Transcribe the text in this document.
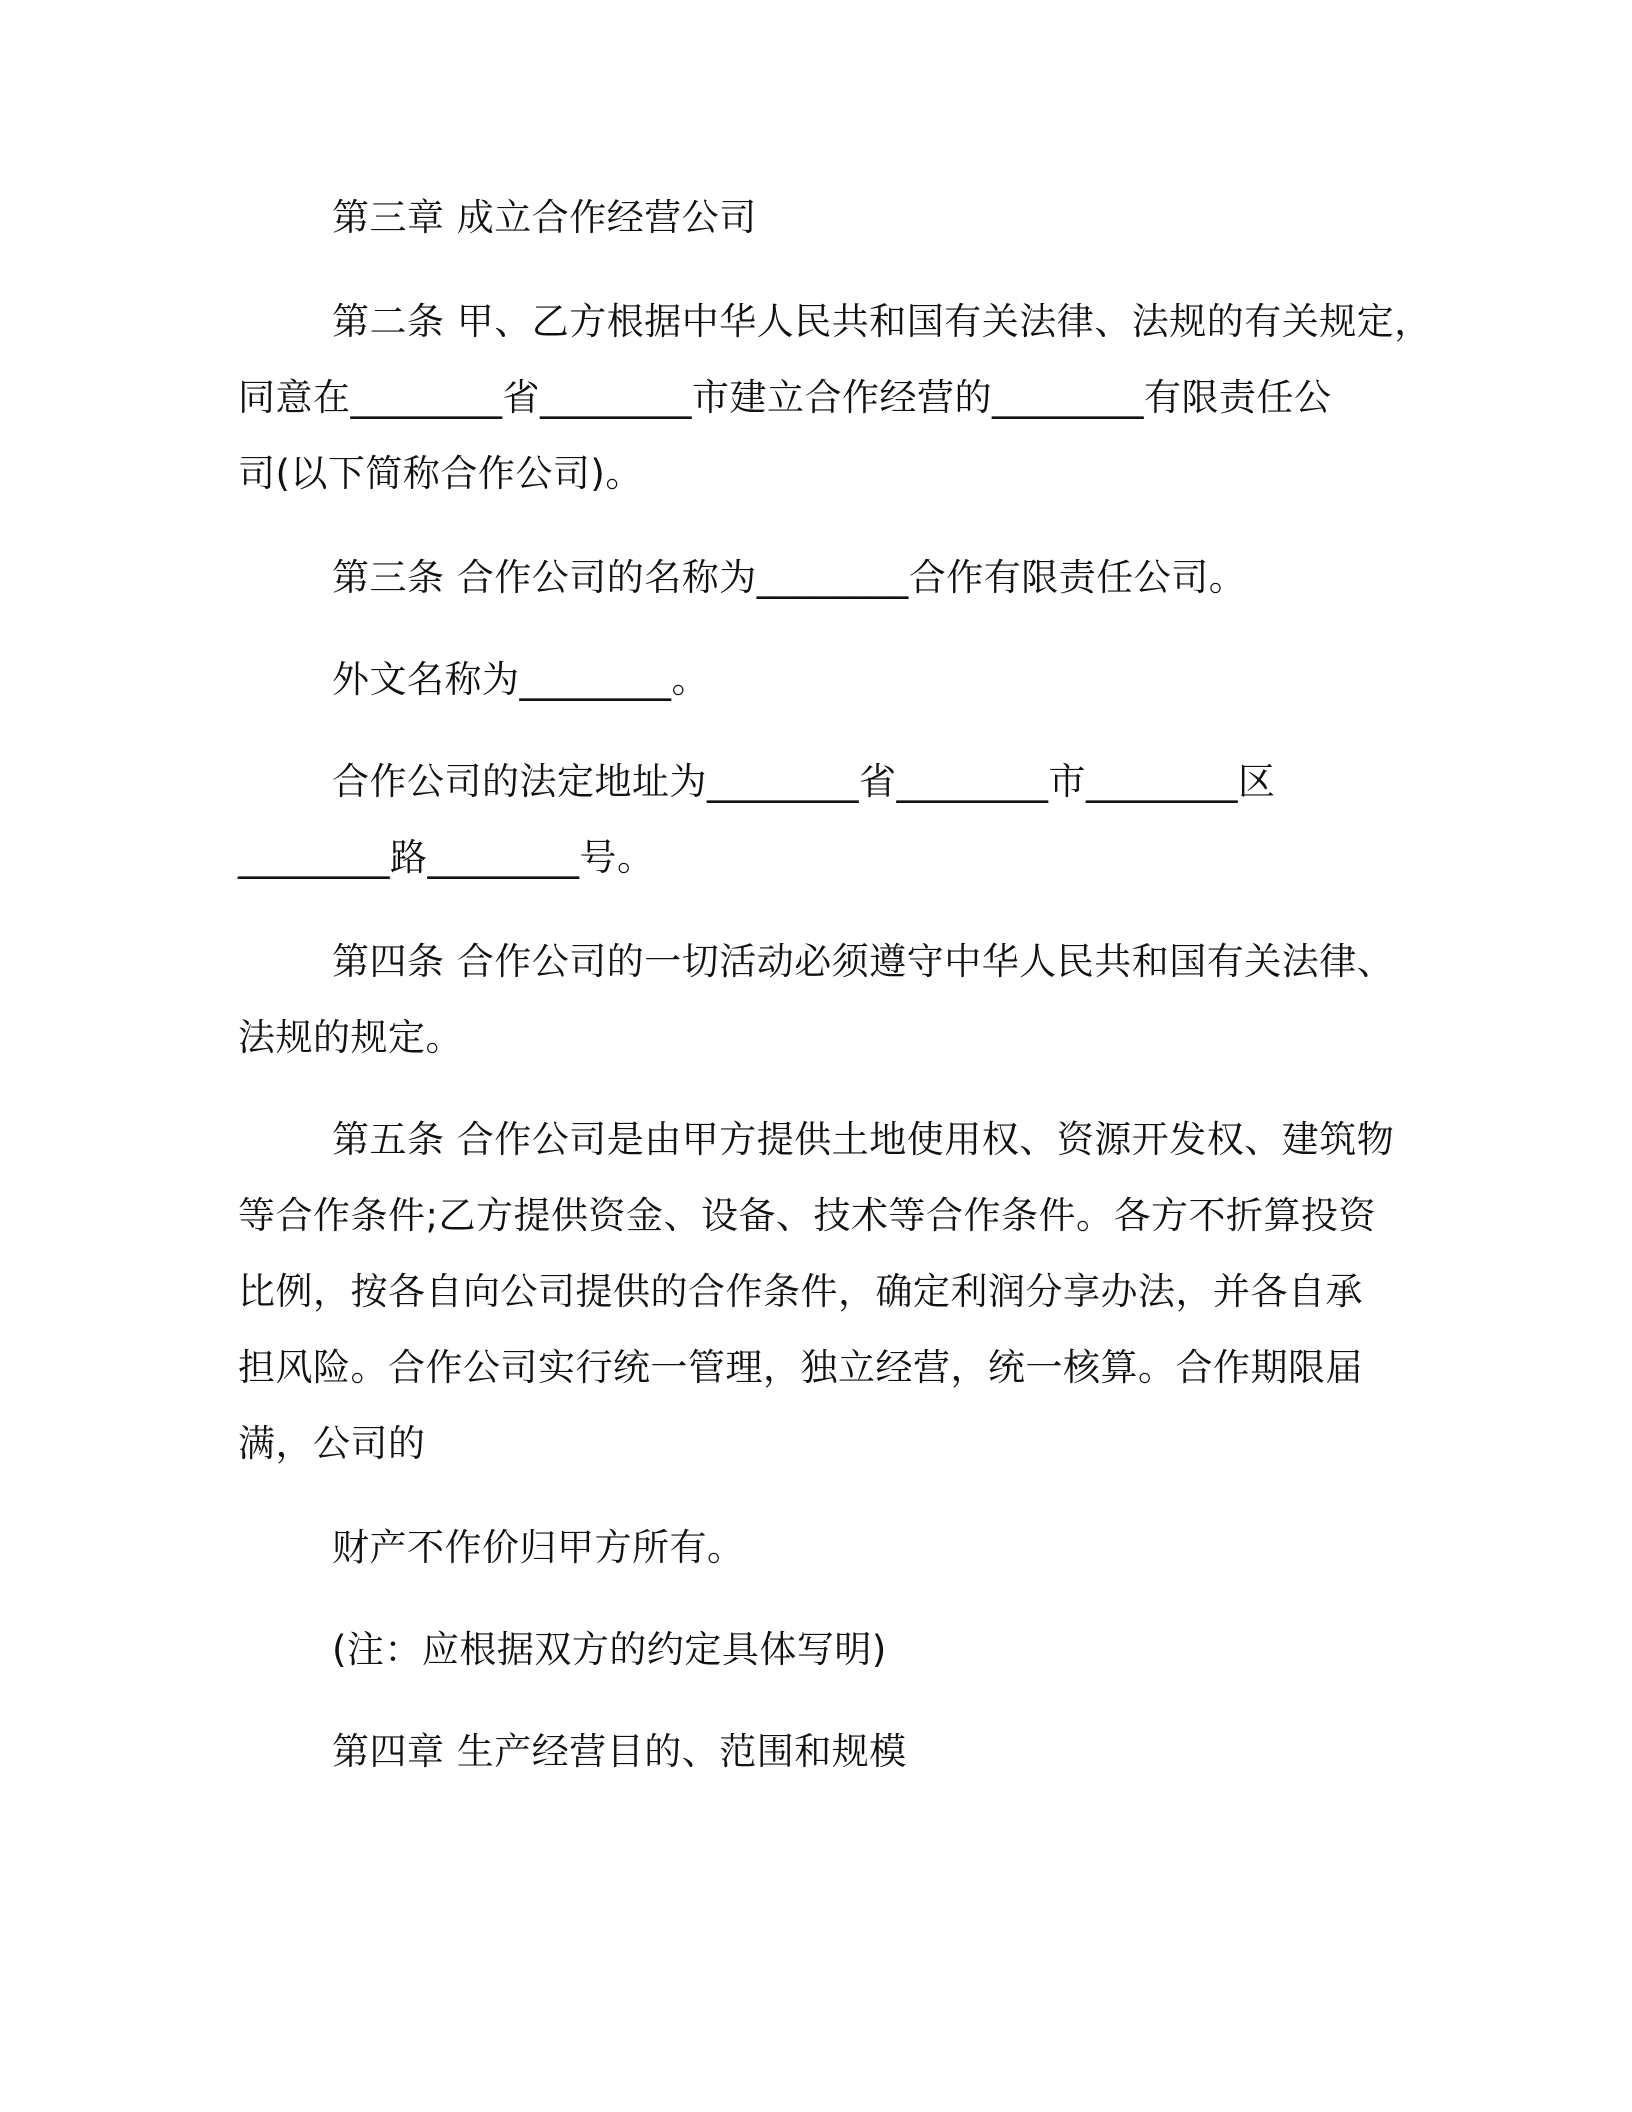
第三章 成立合作经营公司

第二条 甲、乙方根据中华人民共和国有关法律、法规的有关规定，

同意在________省________市建立合作经营的________有限责任公

司(以下简称合作公司)。

第三条 合作公司的名称为________合作有限责任公司。

外文名称为________。

合作公司的法定地址为________省________市________区

________路________号。

第四条 合作公司的一切活动必须遵守中华人民共和国有关法律、

法规的规定。

第五条 合作公司是由甲方提供土地使用权、资源开发权、建筑物

等合作条件;乙方提供资金、设备、技术等合作条件。各方不折算投资

比例，按各自向公司提供的合作条件，确定利润分享办法，并各自承

担风险。合作公司实行统一管理，独立经营，统一核算。合作期限届

满，公司的

财产不作价归甲方所有。

(注：应根据双方的约定具体写明)

第四章 生产经营目的、范围和规模
